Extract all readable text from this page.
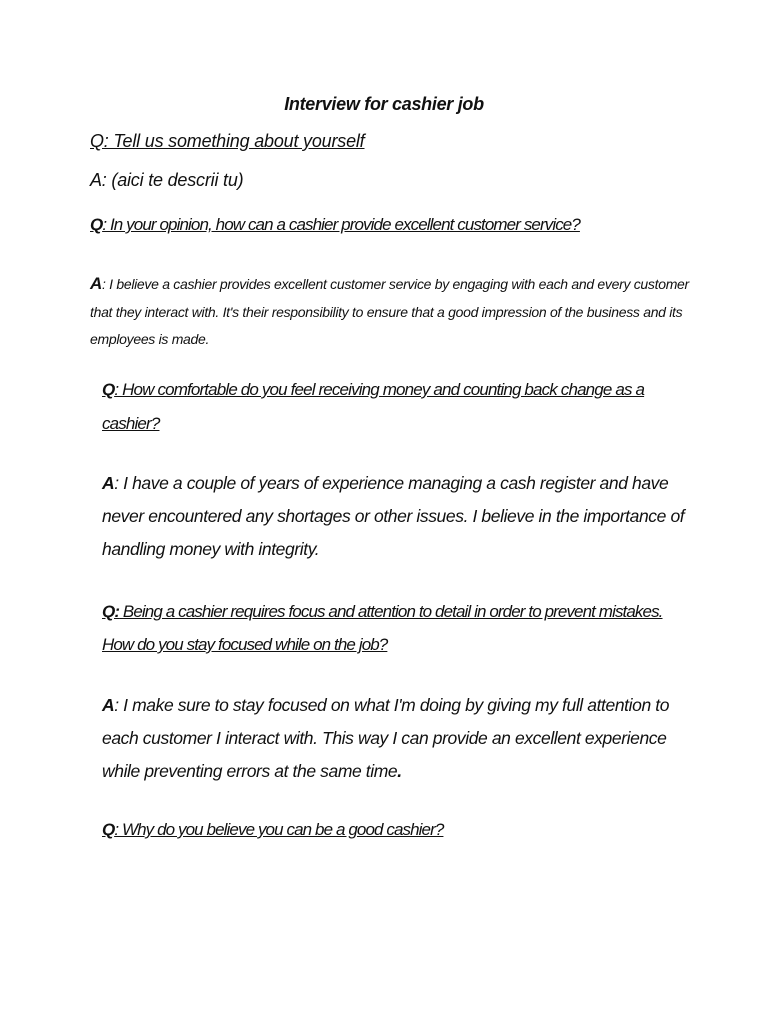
Interview for cashier job
Q: Tell us something about yourself
A: (aici te descrii tu)
Q: In your opinion, how can a cashier provide excellent customer service?
A: I believe a cashier provides excellent customer service by engaging with each and every customer that they interact with. It's their responsibility to ensure that a good impression of the business and its employees is made.
Q: How comfortable do you feel receiving money and counting back change as a cashier?
A: I have a couple of years of experience managing a cash register and have never encountered any shortages or other issues. I believe in the importance of handling money with integrity.
Q: Being a cashier requires focus and attention to detail in order to prevent mistakes. How do you stay focused while on the job?
A: I make sure to stay focused on what I'm doing by giving my full attention to each customer I interact with. This way I can provide an excellent experience while preventing errors at the same time.
Q: Why do you believe you can be a good cashier?
